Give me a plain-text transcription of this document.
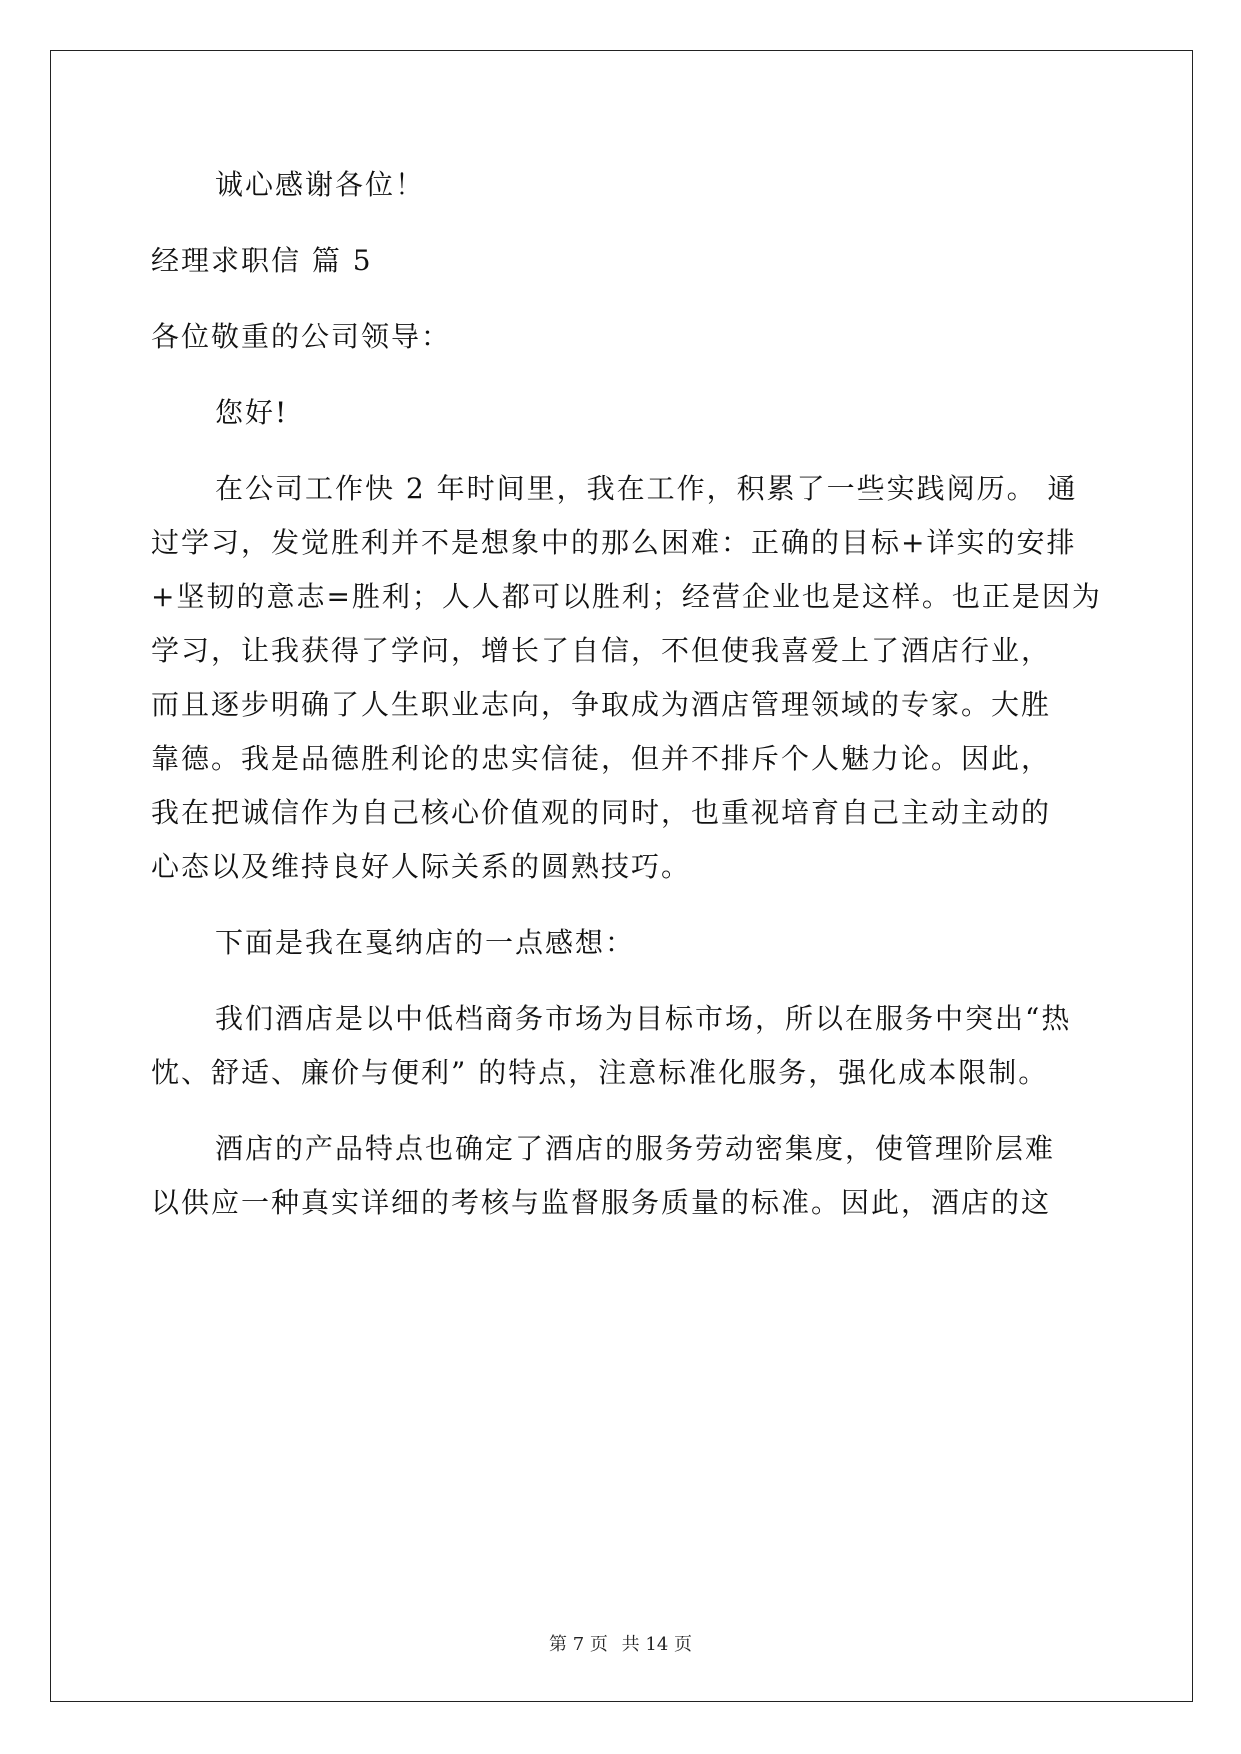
诚心感谢各位！

经理求职信 篇 5

各位敬重的公司领导：

您好!

在公司工作快 2 年时间里，我在工作，积累了一些实践阅历。 通

过学习，发觉胜利并不是想象中的那么困难：正确的目标+详实的安排

+坚韧的意志=胜利；人人都可以胜利；经营企业也是这样。也正是因为

学习，让我获得了学问，增长了自信，不但使我喜爱上了酒店行业，

而且逐步明确了人生职业志向，争取成为酒店管理领域的专家。大胜

靠德。我是品德胜利论的忠实信徒，但并不排斥个人魅力论。因此，

我在把诚信作为自己核心价值观的同时，也重视培育自己主动主动的

心态以及维持良好人际关系的圆熟技巧。

下面是我在戛纳店的一点感想：

我们酒店是以中低档商务市场为目标市场，所以在服务中突出“热

忱、舒适、廉价与便利” 的特点，注意标准化服务，强化成本限制。

酒店的产品特点也确定了酒店的服务劳动密集度，使管理阶层难

以供应一种真实详细的考核与监督服务质量的标准。因此，酒店的这

第 7 页 共 14 页
